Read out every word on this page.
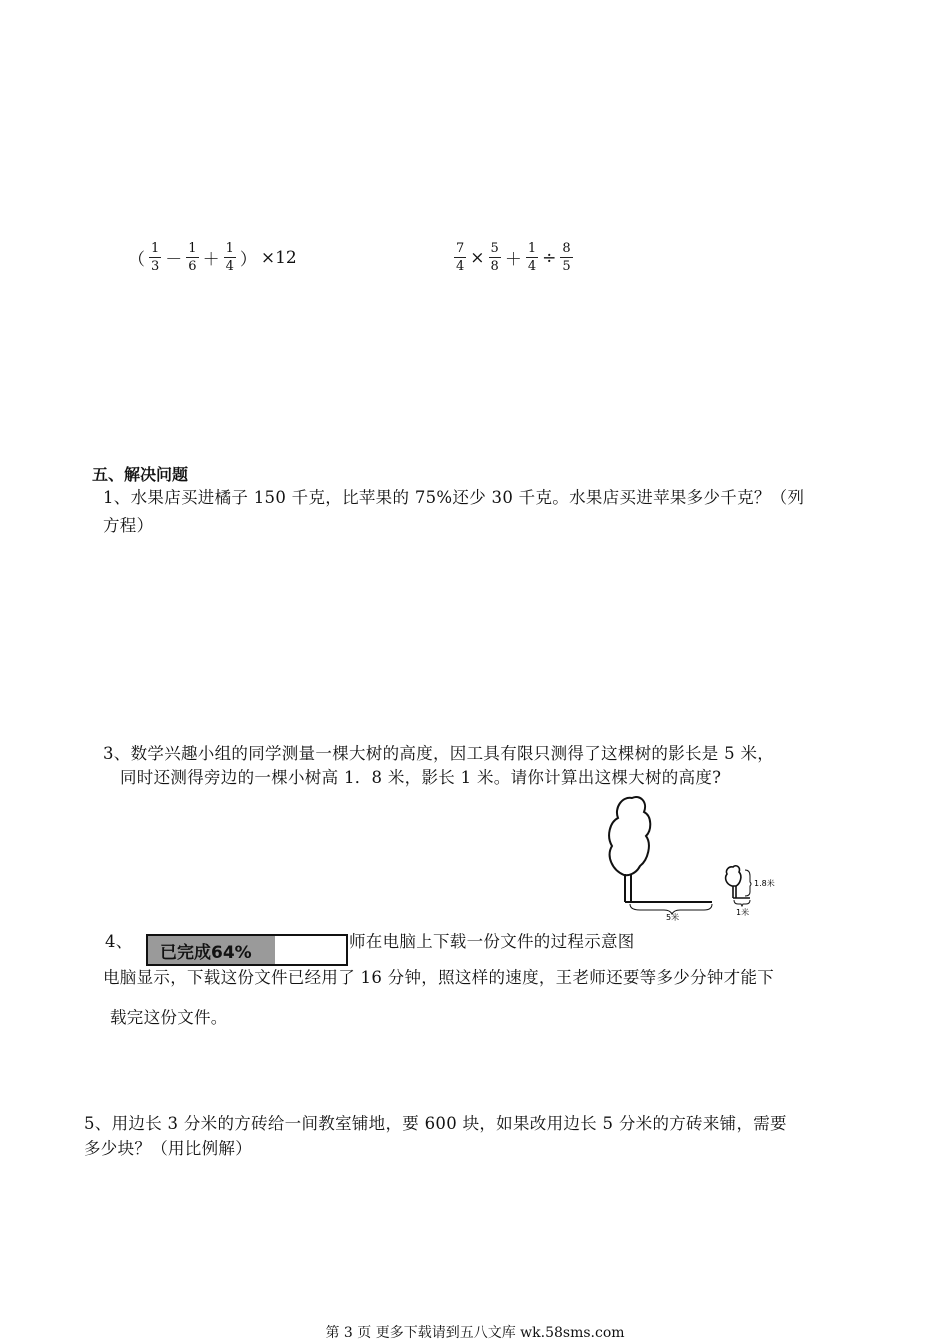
（ $\frac{1}{3} - \frac{1}{6} + \frac{1}{4}$ ） ×12	$\frac{7}{4} \times \frac{5}{8} + \frac{1}{4} \div \frac{8}{5}$
五、解决问题
1、水果店买进橘子 150 千克，比苹果的 75%还少 30 千克。水果店买进苹果多少千克？（列
方程）
3、数学兴趣小组的同学测量一棵大树的高度，因工具有限只测得了这棵树的影长是 5 米，
同时还测得旁边的一棵小树高 1．8 米，影长 1 米。请你计算出这棵大树的高度?
5米
1.8米
1米
4、
已完成64%
师在电脑上下载一份文件的过程示意图
电脑显示，下载这份文件已经用了 16 分钟，照这样的速度，王老师还要等多少分钟才能下
载完这份文件。
5、用边长 3 分米的方砖给一间教室铺地，要 600 块，如果改用边长 5 分米的方砖来铺，需要
多少块？（用比例解）
第 3 页 更多下载请到五八文库 wk.58sms.com
